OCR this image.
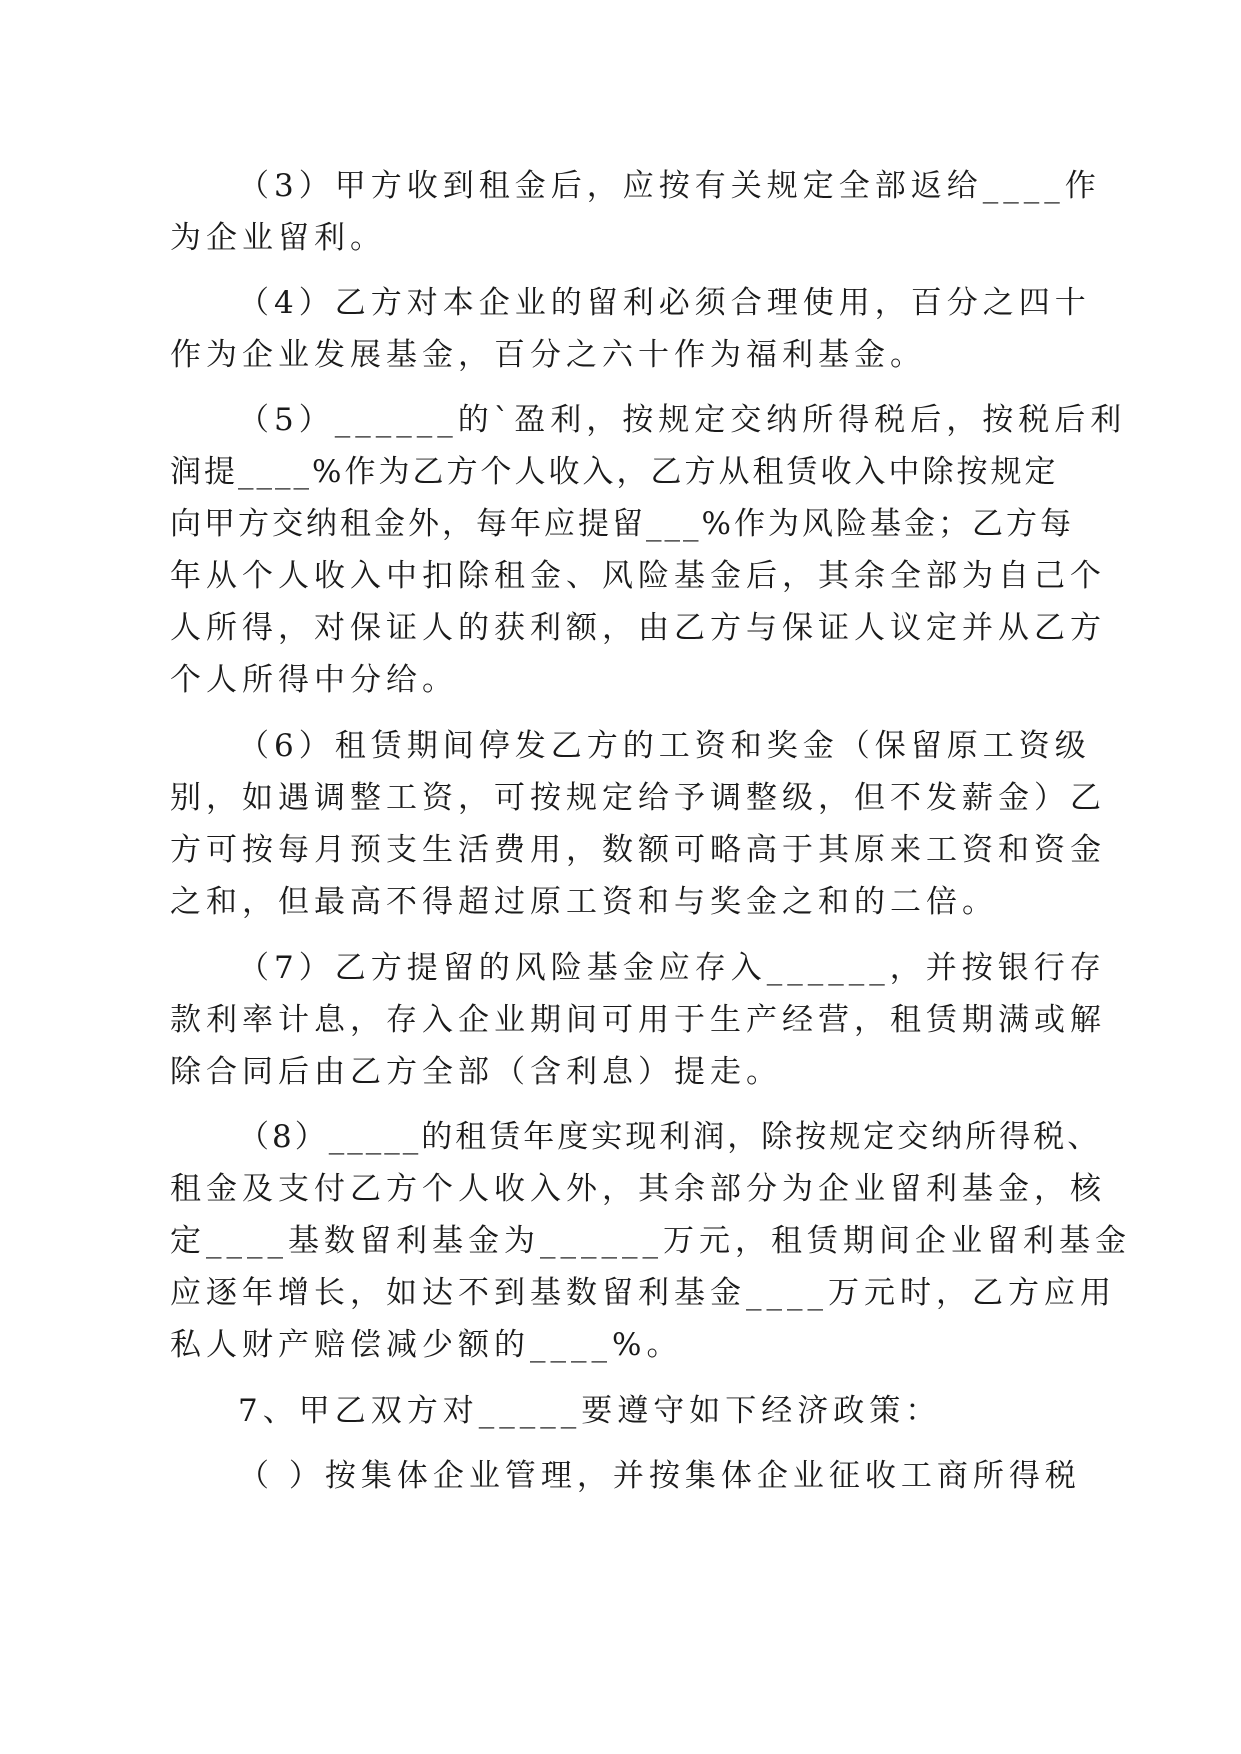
（3）甲方收到租金后，应按有关规定全部返给____作
为企业留利。
（4）乙方对本企业的留利必须合理使用，百分之四十
作为企业发展基金，百分之六十作为福利基金。
（5）______的`盈利，按规定交纳所得税后，按税后利
润提____%作为乙方个人收入，乙方从租赁收入中除按规定
向甲方交纳租金外，每年应提留___%作为风险基金；乙方每
年从个人收入中扣除租金、风险基金后，其余全部为自己个
人所得，对保证人的获利额，由乙方与保证人议定并从乙方
个人所得中分给。
（6）租赁期间停发乙方的工资和奖金（保留原工资级
别，如遇调整工资，可按规定给予调整级，但不发薪金）乙
方可按每月预支生活费用，数额可略高于其原来工资和资金
之和，但最高不得超过原工资和与奖金之和的二倍。
（7）乙方提留的风险基金应存入______，并按银行存
款利率计息，存入企业期间可用于生产经营，租赁期满或解
除合同后由乙方全部（含利息）提走。
（8）_____的租赁年度实现利润，除按规定交纳所得税、
租金及支付乙方个人收入外，其余部分为企业留利基金，核
定____基数留利基金为______万元，租赁期间企业留利基金
应逐年增长，如达不到基数留利基金____万元时，乙方应用
私人财产赔偿减少额的____%。
7、甲乙双方对_____要遵守如下经济政策：
（ ）按集体企业管理，并按集体企业征收工商所得税
